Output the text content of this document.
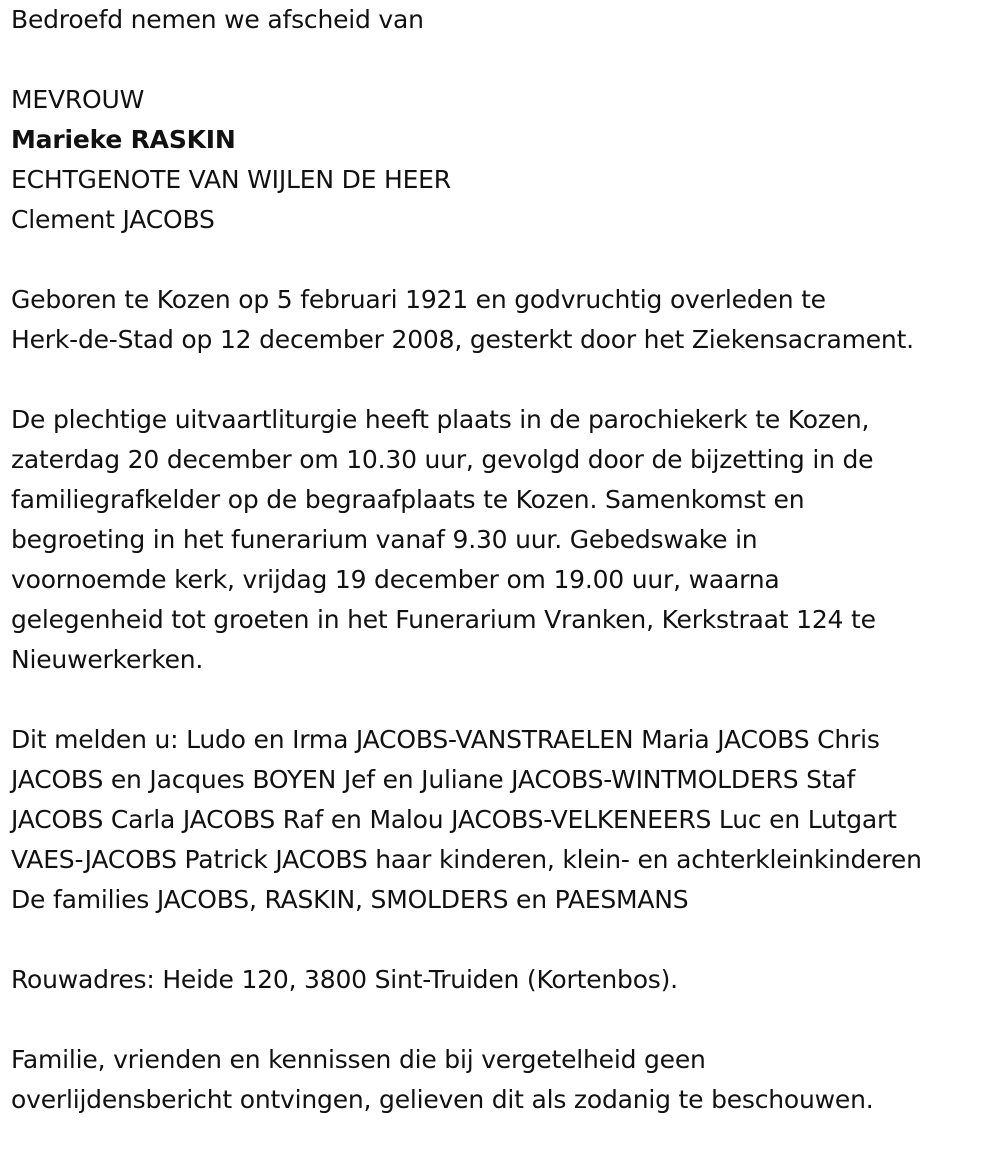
Bedroefd nemen we afscheid van
MEVROUW
Marieke RASKIN
ECHTGENOTE VAN WIJLEN DE HEER
Clement JACOBS
Geboren te Kozen op 5 februari 1921 en godvruchtig overleden te
Herk-de-Stad op 12 december 2008, gesterkt door het Ziekensacrament.
De plechtige uitvaartliturgie heeft plaats in de parochiekerk te Kozen,
zaterdag 20 december om 10.30 uur, gevolgd door de bijzetting in de
familiegrafkelder op de begraafplaats te Kozen. Samenkomst en
begroeting in het funerarium vanaf 9.30 uur. Gebedswake in
voornoemde kerk, vrijdag 19 december om 19.00 uur, waarna
gelegenheid tot groeten in het Funerarium Vranken, Kerkstraat 124 te
Nieuwerkerken.
Dit melden u: Ludo en Irma JACOBS-VANSTRAELEN Maria JACOBS Chris
JACOBS en Jacques BOYEN Jef en Juliane JACOBS-WINTMOLDERS Staf
JACOBS Carla JACOBS Raf en Malou JACOBS-VELKENEERS Luc en Lutgart
VAES-JACOBS Patrick JACOBS haar kinderen, klein- en achterkleinkinderen
De families JACOBS, RASKIN, SMOLDERS en PAESMANS
Rouwadres: Heide 120, 3800 Sint-Truiden (Kortenbos).
Familie, vrienden en kennissen die bij vergetelheid geen
overlijdensbericht ontvingen, gelieven dit als zodanig te beschouwen.
